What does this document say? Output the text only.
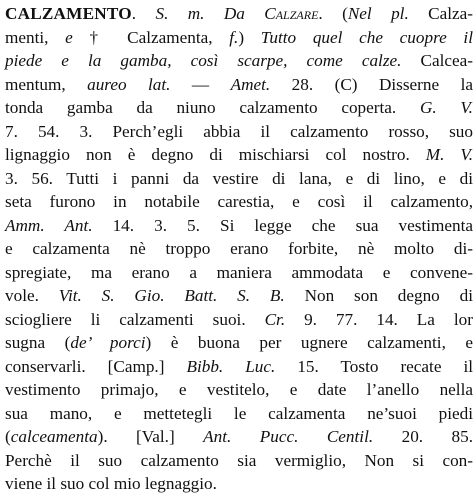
CALZAMENTO. S. m. Da Calzare. (Nel pl. Calza-
menti, e † Calzamenta, f.) Tutto quel che cuopre il
piede e la gamba, così scarpe, come calze. Calcea-
mentum, aureo lat. — Amet. 28. (C) Disserne la
tonda gamba da niuno calzamento coperta. G. V.
7. 54. 3. Perch’egli abbia il calzamento rosso, suo
lignaggio non è degno di mischiarsi col nostro. M. V.
3. 56. Tutti i panni da vestire di lana, e di lino, e di
seta furono in notabile carestia, e così il calzamento,
Amm. Ant. 14. 3. 5. Si legge che sua vestimenta
e calzamenta nè troppo erano forbite, nè molto di-
spregiate, ma erano a maniera ammodata e convene-
vole. Vit. S. Gio. Batt. S. B. Non son degno di
sciogliere li calzamenti suoi. Cr. 9. 77. 14. La lor
sugna (de’ porci) è buona per ugnere calzamenti, e
conservarli. [Camp.] Bibb. Luc. 15. Tosto recate il
vestimento primajo, e vestitelo, e date l’anello nella
sua mano, e mettetegli le calzamenta ne’suoi piedi
(calceamenta). [Val.] Ant. Pucc. Centil. 20. 85.
Perchè il suo calzamento sia vermiglio, Non si con-
viene il suo col mio legnaggio.
